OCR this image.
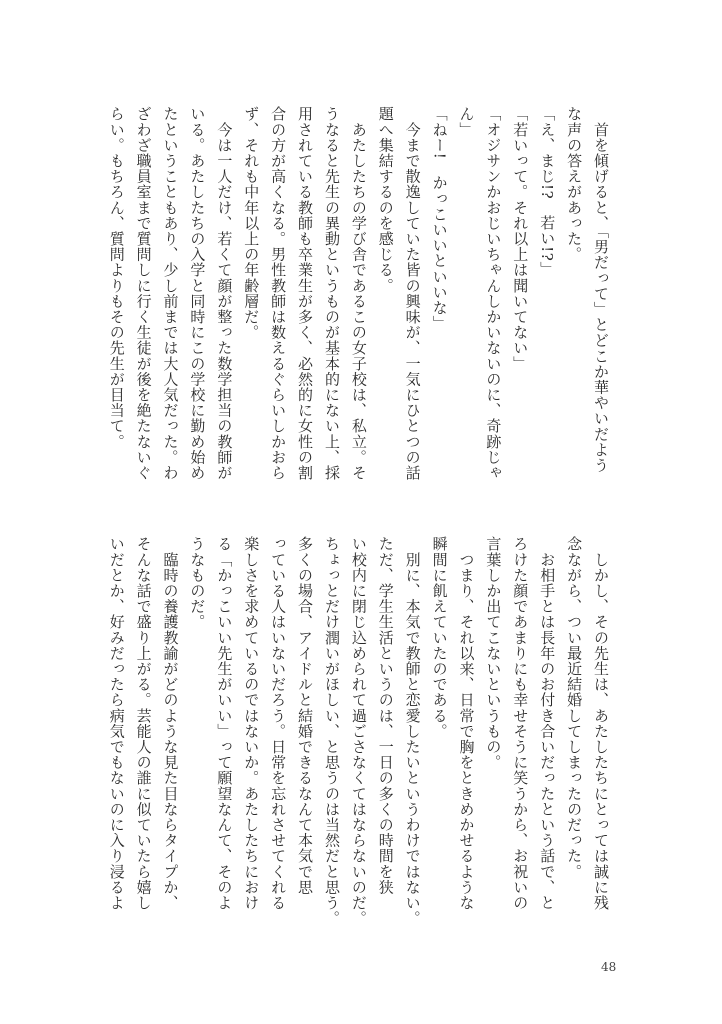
　首を傾げると、「男だって」とどこか華やいだよう
な声の答えがあった。
「え、まじ!?　若い!?」
「若いって。それ以上は聞いてない」
「オジサンかおじいちゃんしかいないのに、奇跡じゃ
ん」
「ねー!　かっこいいといいな」
　今まで散逸していた皆の興味が、一気にひとつの話
題へ集結するのを感じる。
　あたしたちの学び舎であるこの女子校は、私立。そ
うなると先生の異動というものが基本的にない上、採
用されている教師も卒業生が多く、必然的に女性の割
合の方が高くなる。男性教師は数えるぐらいしかおら
ず、それも中年以上の年齢層だ。
　今は一人だけ、若くて顔が整った数学担当の教師が
いる。あたしたちの入学と同時にこの学校に勤め始め
たということもあり、少し前までは大人気だった。わ
ざわざ職員室まで質問しに行く生徒が後を絶たないぐ
らい。もちろん、質問よりもその先生が目当て。
　しかし、その先生は、あたしたちにとっては誠に残
念ながら、つい最近結婚してしまったのだった。
　お相手とは長年のお付き合いだったという話で、と
ろけた顔であまりにも幸せそうに笑うから、お祝いの
言葉しか出てこないというもの。
　つまり、それ以来、日常で胸をときめかせるような
瞬間に飢えていたのである。
　別に、本気で教師と恋愛したいというわけではない。
ただ、学生生活というのは、一日の多くの時間を狭
い校内に閉じ込められて過ごさなくてはならないのだ。
ちょっとだけ潤いがほしい、と思うのは当然だと思う。
多くの場合、アイドルと結婚できるなんて本気で思
っている人はいないだろう。日常を忘れさせてくれる
楽しさを求めているのではないか。あたしたちにおけ
る「かっこいい先生がいい」って願望なんて、そのよ
うなものだ。
　臨時の養護教諭がどのような見た目ならタイプか、
そんな話で盛り上がる。芸能人の誰に似ていたら嬉し
いだとか、好みだったら病気でもないのに入り浸るよ
48
